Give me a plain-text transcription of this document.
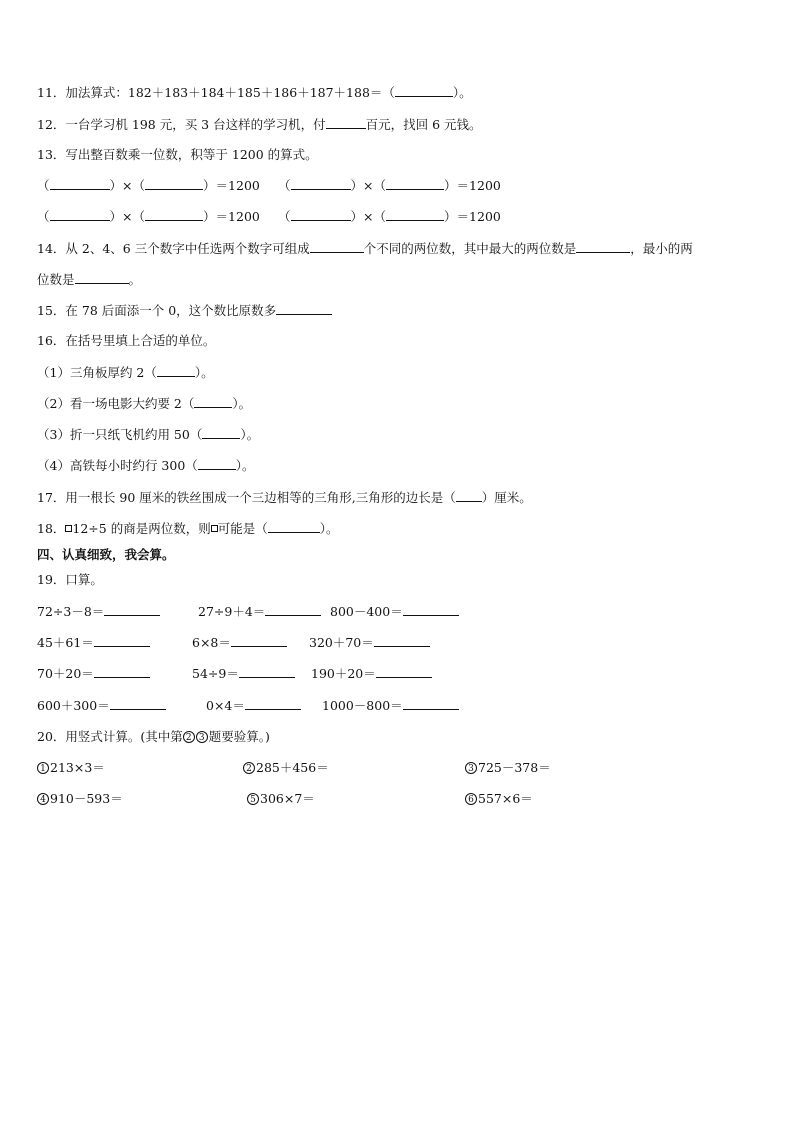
11．加法算式：182＋183＋184＋185＋186＋187＋188＝（	）。
12．一台学习机 198 元，买 3 台这样的学习机，付	百元，找回 6 元钱。
13．写出整百数乘一位数，积等于 1200 的算式。
（	）×（	）＝1200 （	）×（	）＝1200
（	）×（	）＝1200 （	）×（	）＝1200
14．从 2、4、6 三个数字中任选两个数字可组成	个不同的两位数，其中最大的两位数是	，最小的两
位数是	。
15．在 78 后面添一个 0，这个数比原数多
16．在括号里填上合适的单位。
（1）三角板厚约 2（	）。
（2）看一场电影大约要 2（	）。
（3）折一只纸飞机约用 50（	）。
（4）高铁每小时约行 300（	）。
17．用一根长 90 厘米的铁丝围成一个三边相等的三角形,三角形的边长是（ ）厘米。
18． 12÷5 的商是两位数，则 可能是（	）。
四、认真细致，我会算。
19．口算。
72÷3－8＝	27÷9＋4＝	800－400＝
45＋61＝	6×8＝	320＋70＝
70＋20＝	54÷9＝	190＋20＝
600＋300＝	0×4＝	1000－800＝
20．用竖式计算。(其中第 2 3 题要验算。)
1 213×3＝	2 285＋456＝	3 725－378＝
4 910－593＝	5 306×7＝	6 557×6＝
